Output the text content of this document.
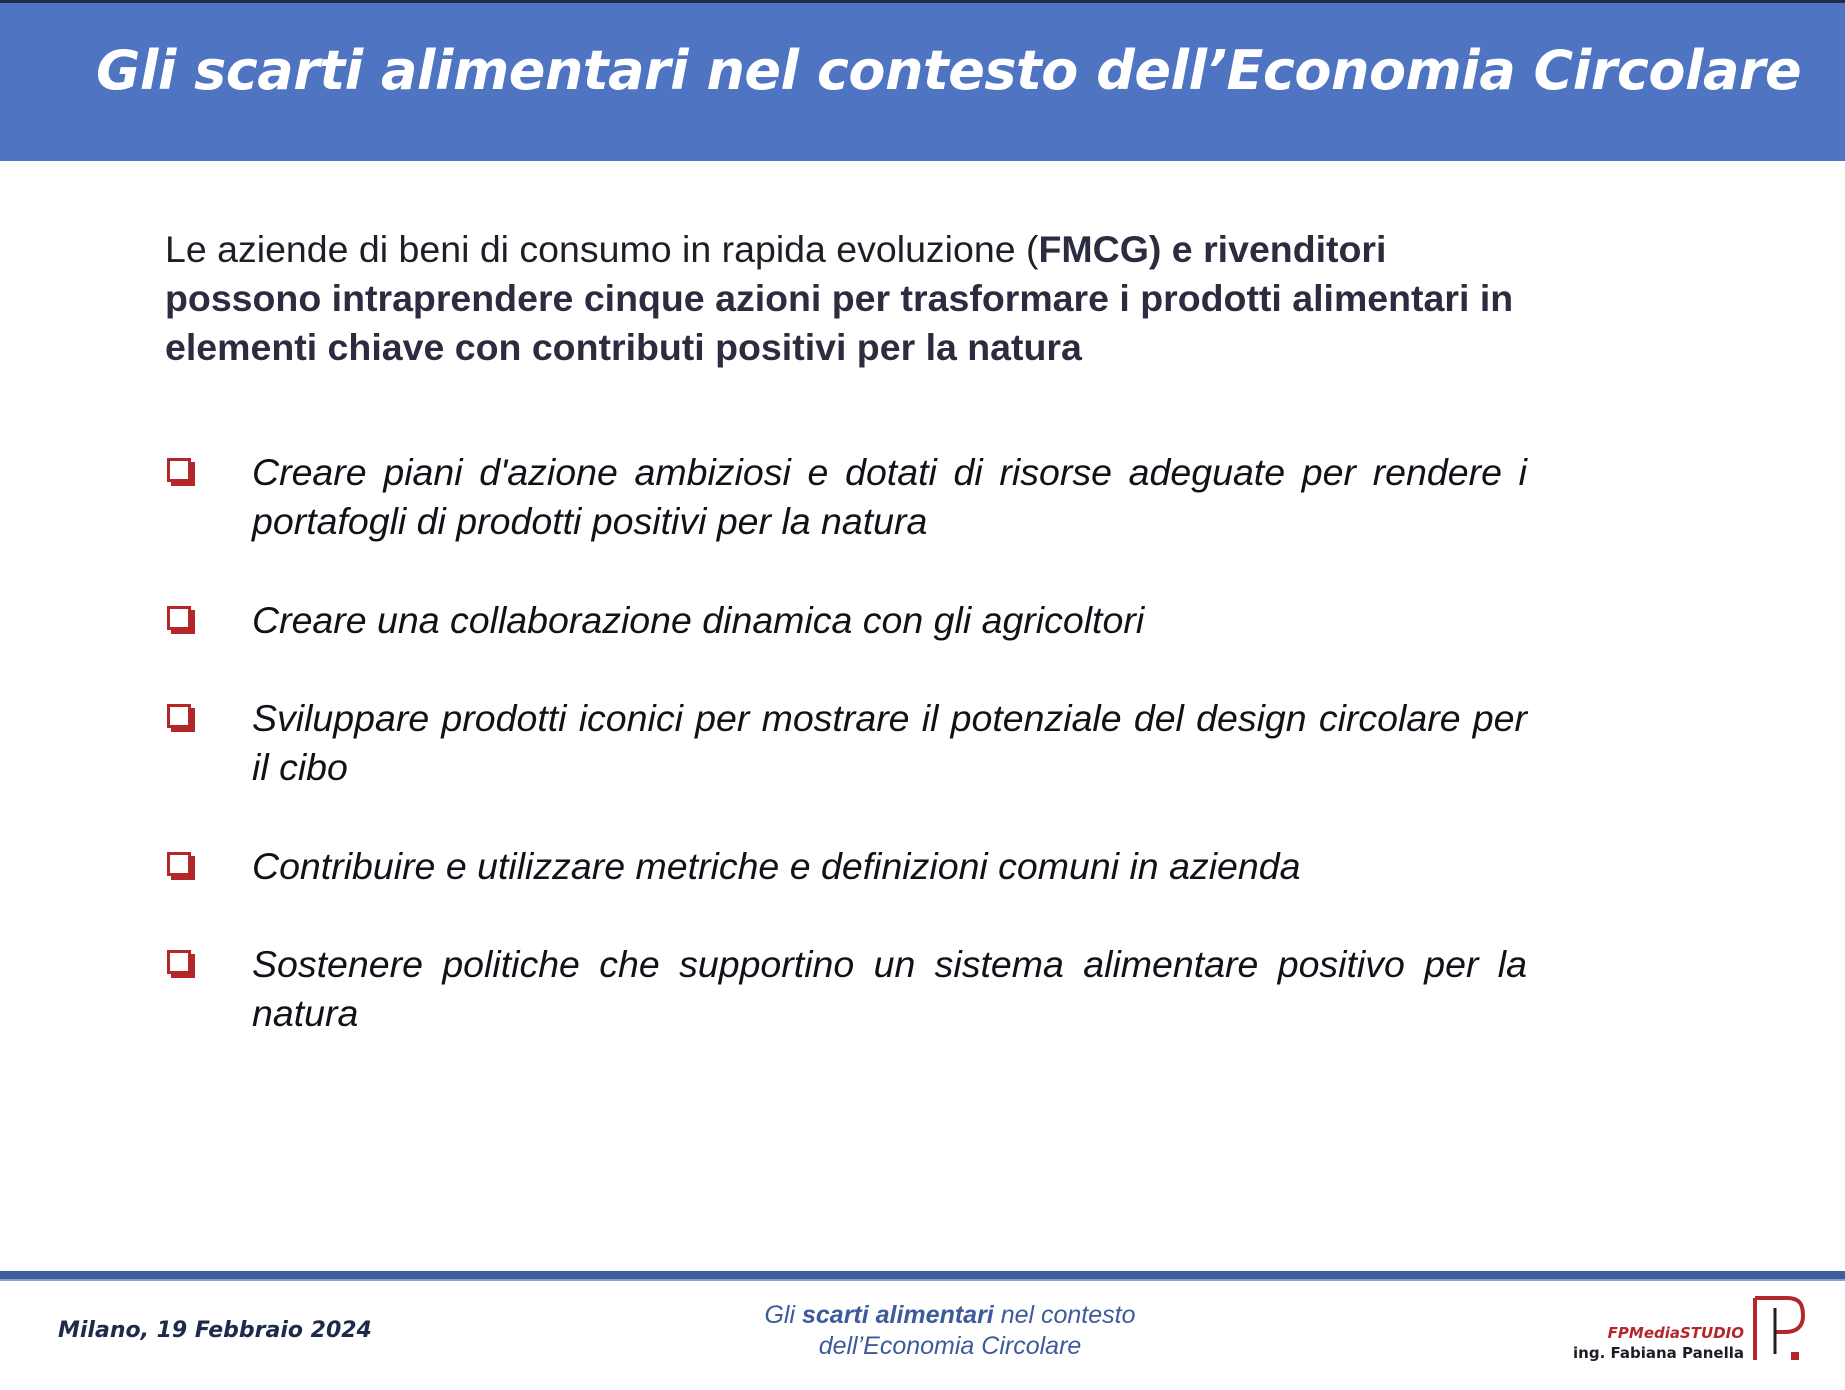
Gli scarti alimentari nel contesto dell’Economia Circolare
Le aziende di beni di consumo in rapida evoluzione (FMCG) e rivenditori possono intraprendere cinque azioni per trasformare i prodotti alimentari in elementi chiave con contributi positivi per la natura
Creare piani d'azione ambiziosi e dotati di risorse adeguate per rendere i portafogli di prodotti positivi per la natura
Creare una collaborazione dinamica con gli agricoltori
Sviluppare prodotti iconici per mostrare il potenziale del design circolare per il cibo
Contribuire e utilizzare metriche e definizioni comuni in azienda
Sostenere politiche che supportino un sistema alimentare positivo per la natura
Milano, 19 Febbraio 2024
Gli scarti alimentari nel contesto
dell’Economia Circolare	FPMediaSTUDIO
ing. Fabiana Panella
